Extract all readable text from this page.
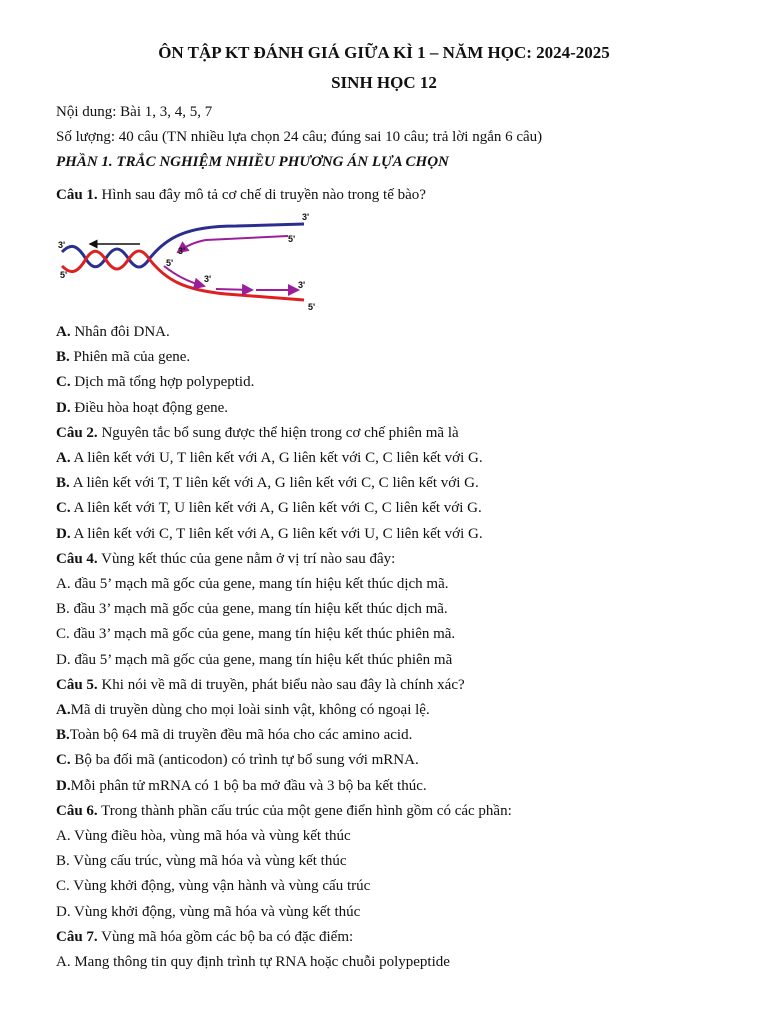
ÔN TẬP KT ĐÁNH GIÁ GIỮA KÌ 1 – NĂM HỌC: 2024-2025
SINH HỌC 12
Nội dung: Bài 1, 3, 4, 5, 7
Số lượng: 40 câu (TN nhiều lựa chọn 24 câu; đúng sai 10 câu; trả lời ngắn 6 câu)
PHẦN 1. TRẮC NGHIỆM NHIỀU PHƯƠNG ÁN LỰA CHỌN
Câu 1. Hình sau đây mô tả cơ chế di truyền nào trong tế bào?
3'
5'
3'
5'
5'
3'
3'
3'
5'
A. Nhân đôi DNA.
B. Phiên mã của gene.
C. Dịch mã tổng hợp polypeptid.
D. Điều hòa hoạt động gene.
Câu 2. Nguyên tắc bổ sung được thể hiện trong cơ chế phiên mã là
A. A liên kết với U, T liên kết với A, G liên kết với C, C liên kết với G.
B. A liên kết với T, T liên kết với A, G liên kết với C, C liên kết với G.
C. A liên kết với T, U liên kết với A, G liên kết với C, C liên kết với G.
D. A liên kết với C, T liên kết với A, G liên kết với U, C liên kết với G.
Câu 4. Vùng kết thúc của gene nằm ở vị trí nào sau đây:
A. đầu 5’ mạch mã gốc của gene, mang tín hiệu kết thúc dịch mã.
B. đầu 3’ mạch mã gốc của gene, mang tín hiệu kết thúc dịch mã.
C. đầu 3’ mạch mã gốc của gene, mang tín hiệu kết thúc phiên mã.
D. đầu 5’ mạch mã gốc của gene, mang tín hiệu kết thúc phiên mã
Câu 5. Khi nói về mã di truyền, phát biểu nào sau đây là chính xác?
A.Mã di truyền dùng cho mọi loài sinh vật, không có ngoại lệ.
B.Toàn bộ 64 mã di truyền đều mã hóa cho các amino acid.
C. Bộ ba đối mã (anticodon) có trình tự bổ sung với mRNA.
D.Mỗi phân tử mRNA có 1 bộ ba mở đầu và 3 bộ ba kết thúc.
Câu 6. Trong thành phần cấu trúc của một gene điển hình gồm có các phần:
A. Vùng điều hòa, vùng mã hóa và vùng kết thúc
B. Vùng cấu trúc, vùng mã hóa và vùng kết thúc
C. Vùng khởi động, vùng vận hành và vùng cấu trúc
D. Vùng khởi động, vùng mã hóa và vùng kết thúc
Câu 7. Vùng mã hóa gồm các bộ ba có đặc điểm:
A. Mang thông tin quy định trình tự RNA hoặc chuỗi polypeptide
